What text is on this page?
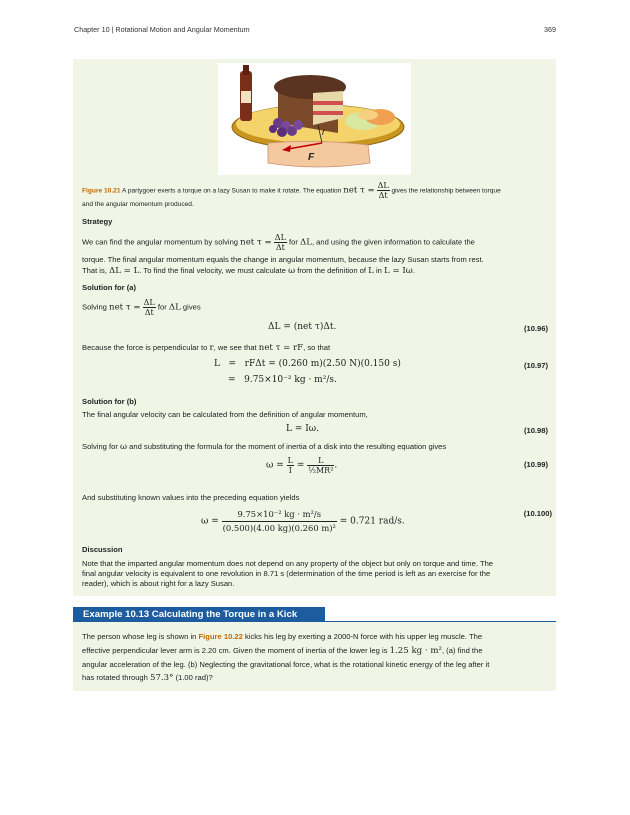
Chapter 10 | Rotational Motion and Angular Momentum	369
r
F
Figure 10.21 A partygoer exerts a torque on a lazy Susan to make it rotate. The equation net $\tau = \frac{\Delta L}{\Delta t}$ gives the relationship between torque
and the angular momentum produced.
Strategy
We can find the angular momentum by solving net $\tau = \frac{\Delta L}{\Delta t}$ for ΔL, and using the given information to calculate the
torque. The final angular momentum equals the change in angular momentum, because the lazy Susan starts from rest.
That is, ΔL = L. To find the final velocity, we must calculate ω from the definition of L in L = Iω.
Solution for (a)
Solving net $\tau = \frac{\Delta L}{\Delta t}$ for ΔL gives
ΔL = (net τ)Δt.	(10.96)
Because the force is perpendicular to r, we see that net τ = rF, so that
L   =   rFΔt = (0.260 m)(2.50 N)(0.150 s)
=   9.75×10⁻² kg · m²/s.
(10.97)
Solution for (b)
The final angular velocity can be calculated from the definition of angular momentum,
L = Iω.	(10.98)
Solving for ω and substituting the formula for the moment of inertia of a disk into the resulting equation gives
$\omega = \frac{L}{I} = \frac{L}{\text{½MR²}}$ .	(10.99)
And substituting known values into the preceding equation yields
$\omega = \frac{\text{9.75×10⁻² kg · m²/s}}{\text{(0.500)(4.00 kg)(0.260 m)²}} = 0.721$ rad/s.
(10.100)
Discussion
Note that the imparted angular momentum does not depend on any property of the object but only on torque and time. The
final angular velocity is equivalent to one revolution in 8.71 s (determination of the time period is left as an exercise for the
reader), which is about right for a lazy Susan.
Example 10.13 Calculating the Torque in a Kick
The person whose leg is shown in Figure 10.22 kicks his leg by exerting a 2000-N force with his upper leg muscle. The
effective perpendicular lever arm is 2.20 cm. Given the moment of inertia of the lower leg is 1.25 kg · m², (a) find the
angular acceleration of the leg. (b) Neglecting the gravitational force, what is the rotational kinetic energy of the leg after it
has rotated through 57.3° (1.00 rad)?
